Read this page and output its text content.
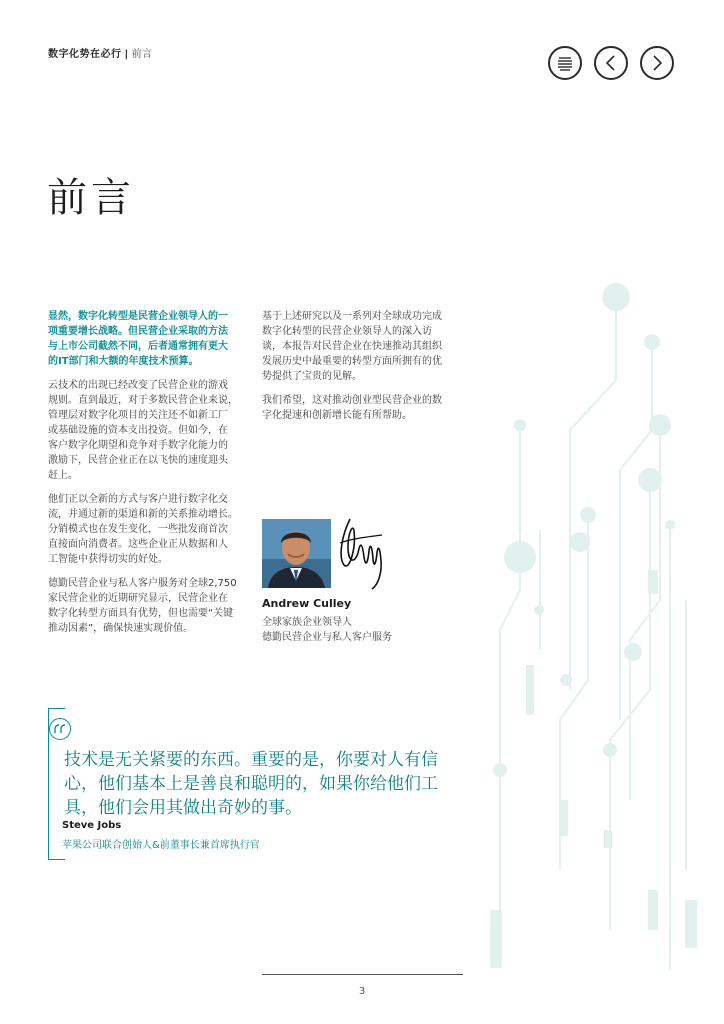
数字化势在必行 | 前言
前言

显然，数字化转型是民营企业领导人的一
项重要增长战略。但民营企业采取的方法
与上市公司截然不同，后者通常拥有更大
的IT部门和大额的年度技术预算。

云技术的出现已经改变了民营企业的游戏
规则。直到最近，对于多数民营企业来说，
管理层对数字化项目的关注还不如新工厂
或基础设施的资本支出投资。但如今，在
客户数字化期望和竞争对手数字化能力的
激励下，民营企业正在以飞快的速度迎头
赶上。

他们正以全新的方式与客户进行数字化交
流，并通过新的渠道和新的关系推动增长。
分销模式也在发生变化，一些批发商首次
直接面向消费者。这些企业正从数据和人
工智能中获得切实的好处。

德勤民营企业与私人客户服务对全球2,750
家民营企业的近期研究显示，民营企业在
数字化转型方面具有优势，但也需要“关键
推动因素”，确保快速实现价值。

基于上述研究以及一系列对全球成功完成
数字化转型的民营企业领导人的深入访
谈，本报告对民营企业在快速推动其组织
发展历史中最重要的转型方面所拥有的优
势提供了宝贵的见解。

我们希望，这对推动创业型民营企业的数
字化提速和创新增长能有所帮助。

Andrew Culley
全球家族企业领导人
德勤民营企业与私人客户服务
技术是无关紧要的东西。重要的是，你要对人有信
心，他们基本上是善良和聪明的，如果你给他们工
具，他们会用其做出奇妙的事。
Steve Jobs
苹果公司联合创始人&前董事长兼首席执行官
3
